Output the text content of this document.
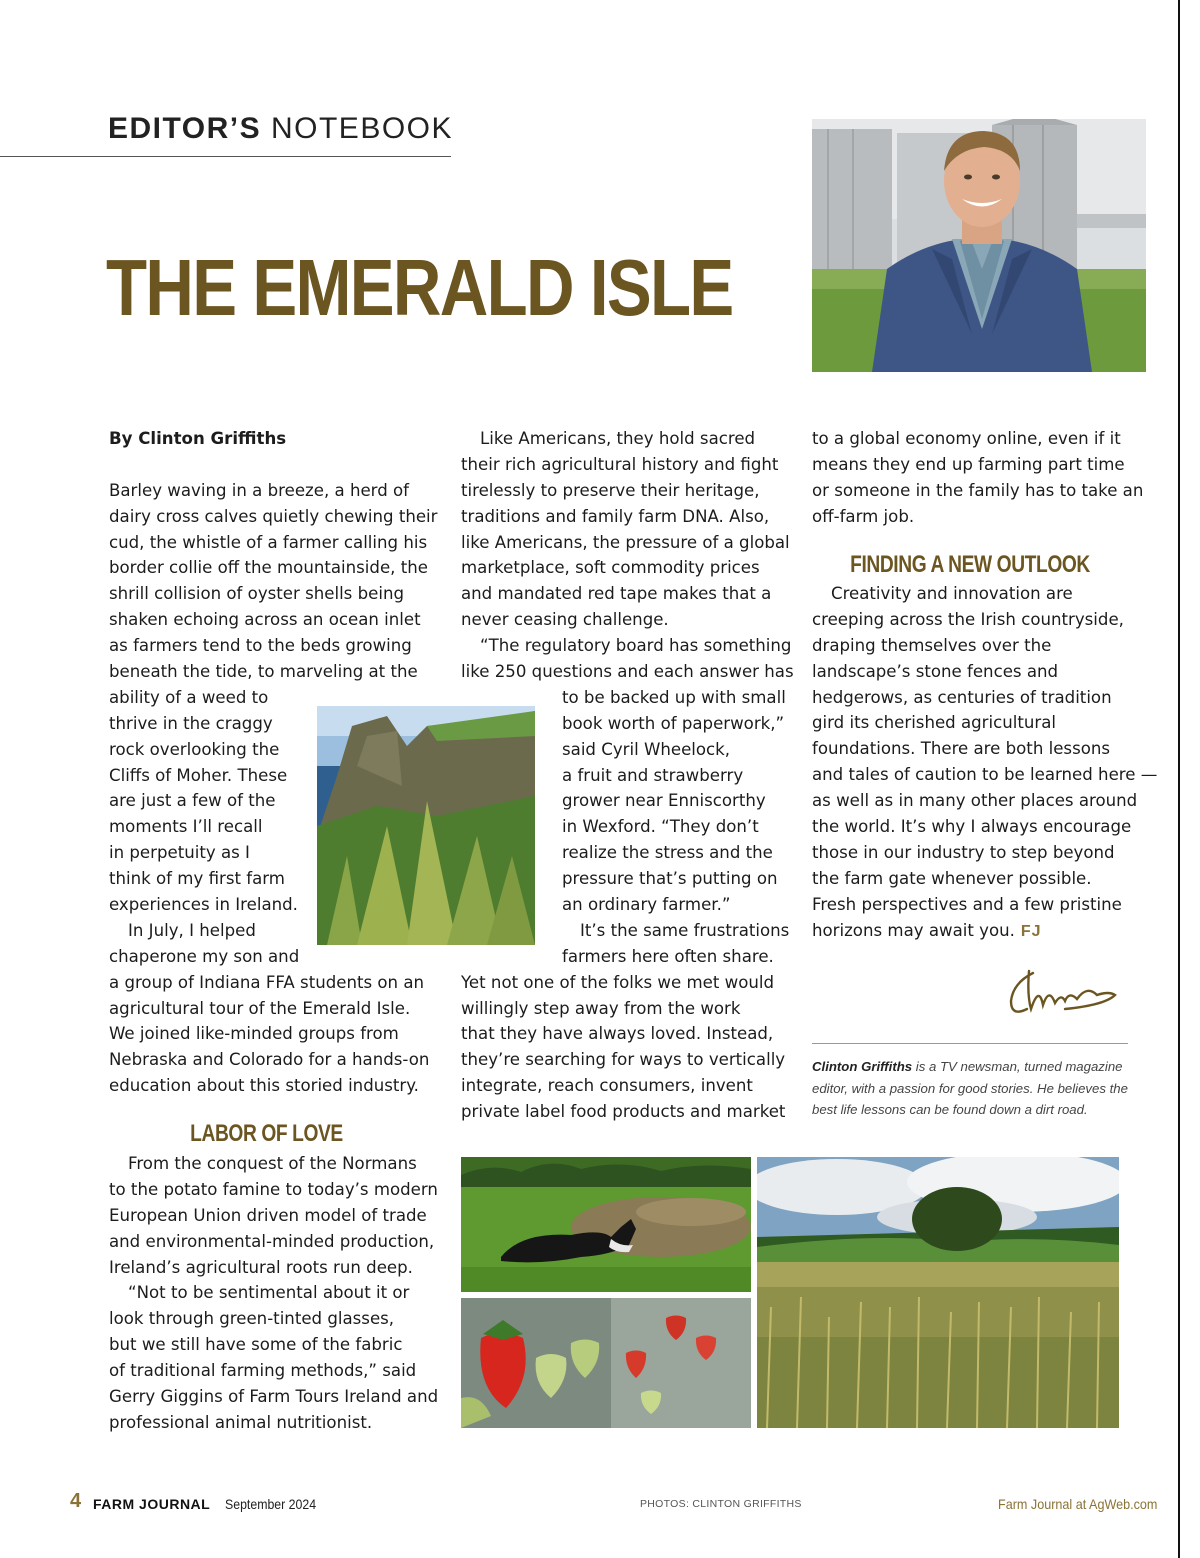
EDITOR’S NOTEBOOK
THE EMERALD ISLE
By Clinton Griffiths
Barley waving in a breeze, a herd of
dairy cross calves quietly chewing their
cud, the whistle of a farmer calling his
border collie off the mountainside, the
shrill collision of oyster shells being
shaken echoing across an ocean inlet
as farmers tend to the beds growing
beneath the tide, to marveling at the
ability of a weed to
thrive in the craggy
rock overlooking the
Cliffs of Moher. These
are just a few of the
moments I’ll recall
in perpetuity as I
think of my first farm
experiences in Ireland.
In July, I helped
chaperone my son and
a group of Indiana FFA students on an
agricultural tour of the Emerald Isle.
We joined like-minded groups from
Nebraska and Colorado for a hands-on
education about this storied industry.
LABOR OF LOVE
From the conquest of the Normans
to the potato famine to today’s modern
European Union driven model of trade
and environmental-minded production,
Ireland’s agricultural roots run deep.
“Not to be sentimental about it or
look through green-tinted glasses,
but we still have some of the fabric
of traditional farming methods,” said
Gerry Giggins of Farm Tours Ireland and
professional animal nutritionist.
Like Americans, they hold sacred
their rich agricultural history and fight
tirelessly to preserve their heritage,
traditions and family farm DNA. Also,
like Americans, the pressure of a global
marketplace, soft commodity prices
and mandated red tape makes that a
never ceasing challenge.
“The regulatory board has something
like 250 questions and each answer has
to be backed up with small
book worth of paperwork,”
said Cyril Wheelock,
a fruit and strawberry
grower near Enniscorthy
in Wexford. “They don’t
realize the stress and the
pressure that’s putting on
an ordinary farmer.”
It’s the same frustrations
farmers here often share.
Yet not one of the folks we met would
willingly step away from the work
that they have always loved. Instead,
they’re searching for ways to vertically
integrate, reach consumers, invent
private label food products and market
to a global economy online, even if it
means they end up farming part time
or someone in the family has to take an
off-farm job.
FINDING A NEW OUTLOOK
Creativity and innovation are
creeping across the Irish countryside,
draping themselves over the
landscape’s stone fences and
hedgerows, as centuries of tradition
gird its cherished agricultural
foundations. There are both lessons
and tales of caution to be learned here —
as well as in many other places around
the world. It’s why I always encourage
those in our industry to step beyond
the farm gate whenever possible.
Fresh perspectives and a few pristine
horizons may await you. FJ
Clinton Griffiths is a TV newsman, turned magazine editor, with a passion for good stories. He believes the best life lessons can be found down a dirt road.
4 FARM JOURNAL September 2024	PHOTOS: CLINTON GRIFFITHS	Farm Journal at AgWeb.com
